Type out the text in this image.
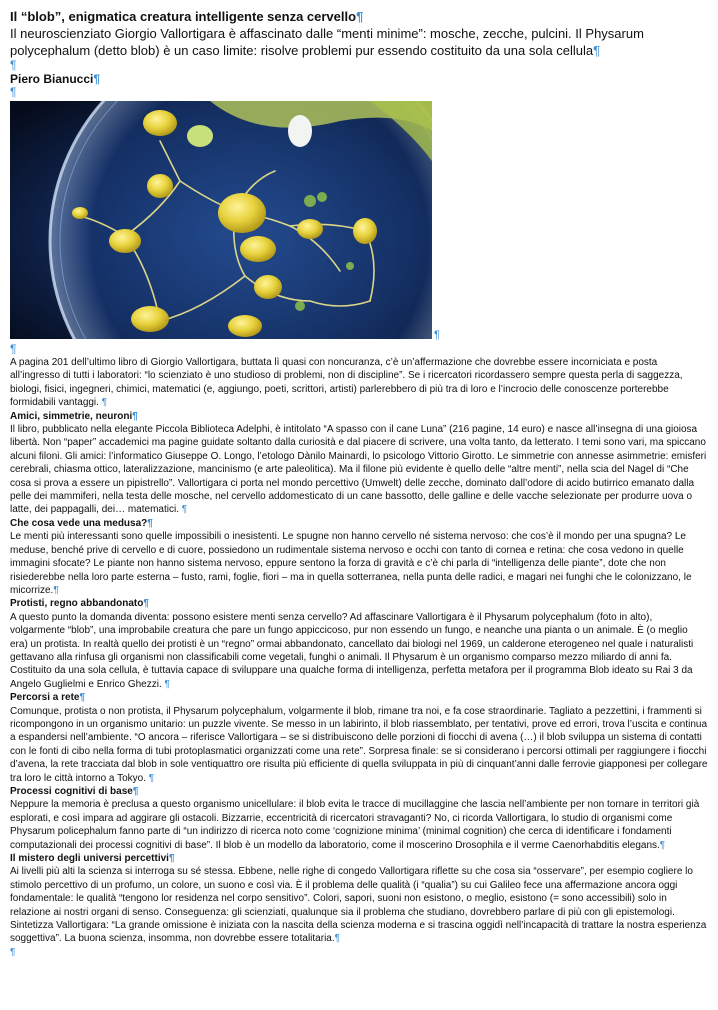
Il “blob”, enigmatica creatura intelligente senza cervello¶
Il neuroscienziato Giorgio Vallortigara è affascinato dalle “menti minime”: mosche, zecche, pulcini. Il Physarum polycephalum (detto blob) è un caso limite: risolve problemi pur essendo costituito da una sola cellula¶
¶
Piero Bianucci¶
¶
¶
¶

A pagina 201 dell’ultimo libro di Giorgio Vallortigara, buttata lì quasi con noncuranza, c’è un’affermazione che dovrebbe essere incorniciata e posta all’ingresso di tutti i laboratori: “lo scienziato è uno studioso di problemi, non di discipline”. Se i ricercatori ricordassero sempre questa perla di saggezza, biologi, fisici, ingegneri, chimici, matematici (e, aggiungo, poeti, scrittori, artisti) parlerebbero di più tra di loro e l’incrocio delle conoscenze porterebbe formidabili vantaggi. ¶

Amici, simmetrie, neuroni¶

Il libro, pubblicato nella elegante Piccola Biblioteca Adelphi, è intitolato “A spasso con il cane Luna” (216 pagine, 14 euro) e nasce all’insegna di una gioiosa libertà. Non “paper” accademici ma pagine guidate soltanto dalla curiosità e dal piacere di scrivere, una volta tanto, da letterato. I temi sono vari, ma spiccano alcuni filoni. Gli amici: l’informatico Giuseppe O. Longo, l’etologo Dànilo Mainardi, lo psicologo Vittorio Girotto. Le simmetrie con annesse asimmetrie: emisferi cerebrali, chiasma ottico, lateralizzazione, mancinismo (e arte paleolitica). Ma il filone più evidente è quello delle “altre menti”, nella scia del Nagel di “Che cosa si prova a essere un pipistrello”. Vallortigara ci porta nel mondo percettivo (Umwelt) delle zecche, dominato dall’odore di acido butirrico emanato dalla pelle dei mammiferi, nella testa delle mosche, nel cervello addomesticato di un cane bassotto, delle galline e delle vacche selezionate per produrre uova o latte, dei pappagalli, dei… matematici. ¶

Che cosa vede una medusa?¶

Le menti più interessanti sono quelle impossibili o inesistenti. Le spugne non hanno cervello né sistema nervoso: che cos’è il mondo per una spugna? Le meduse, benché prive di cervello e di cuore, possiedono un rudimentale sistema nervoso e occhi con tanto di cornea e retina: che cosa vedono in quelle immagini sfocate? Le piante non hanno sistema nervoso, eppure sentono la forza di gravità e c’è chi parla di “intelligenza delle piante”, dote che non risiederebbe nella loro parte esterna – fusto, rami, foglie, fiori – ma in quella sotterranea, nella punta delle radici, e magari nei funghi che le colonizzano, le micorrize.¶

Protisti, regno abbandonato¶

A questo punto la domanda diventa: possono esistere menti senza cervello? Ad affascinare Vallortigara è il Physarum polycephalum (foto in alto), volgarmente “blob”, una improbabile creatura che pare un fungo appiccicoso, pur non essendo un fungo, e neanche una pianta o un animale. È (o meglio era) un protista. In realtà quello dei protisti è un “regno” ormai abbandonato, cancellato dai biologi nel 1969, un calderone eterogeneo nel quale i naturalisti gettavano alla rinfusa gli organismi non classificabili come vegetali, funghi o animali. Il Physarum è un organismo comparso mezzo miliardo di anni fa. Costituito da una sola cellula, è tuttavia capace di sviluppare una qualche forma di intelligenza, perfetta metafora per il programma Blob ideato su Rai 3 da Angelo Guglielmi e Enrico Ghezzi. ¶

Percorsi a rete¶

Comunque, protista o non protista, il Physarum polycephalum, volgarmente il blob, rimane tra noi, e fa cose straordinarie. Tagliato a pezzettini, i frammenti si ricompongono in un organismo unitario: un puzzle vivente. Se messo in un labirinto, il blob riassemblato, per tentativi, prove ed errori, trova l’uscita e continua a espandersi nell’ambiente. “O ancora – riferisce Vallortigara – se si distribuiscono delle porzioni di fiocchi di avena (…) il blob sviluppa un sistema di contatti con le fonti di cibo nella forma di tubi protoplasmatici organizzati come una rete”. Sorpresa finale: se si considerano i percorsi ottimali per raggiungere i fiocchi d’avena, la rete tracciata dal blob in sole ventiquattro ore risulta più efficiente di quella sviluppata in più di cinquant’anni dalle ferrovie giapponesi per collegare tra loro le città intorno a Tokyo. ¶

Processi cognitivi di base¶

Neppure la memoria è preclusa a questo organismo unicellulare: il blob evita le tracce di mucillaggine che lascia nell’ambiente per non tornare in territori già esplorati, e così impara ad aggirare gli ostacoli. Bizzarrie, eccentricità di ricercatori stravaganti? No, ci ricorda Vallortigara, lo studio di organismi come Physarum policephalum fanno parte di “un indirizzo di ricerca noto come ‘cognizione minima’ (minimal cognition) che cerca di identificare i fondamenti computazionali dei processi cognitivi di base”. Il blob è un modello da laboratorio, come il moscerino Drosophila e il verme Caenorhabditis elegans.¶

Il mistero degli universi percettivi¶

Ai livelli più alti la scienza si interroga su sé stessa. Ebbene, nelle righe di congedo Vallortigara riflette su che cosa sia “osservare”, per esempio cogliere lo stimolo percettivo di un profumo, un colore, un suono e così via. È il problema delle qualità (i “qualia”) su cui Galileo fece una affermazione ancora oggi fondamentale: le qualità “tengono lor residenza nel corpo sensitivo”. Colori, sapori, suoni non esistono, o meglio, esistono (= sono accessibili) solo in relazione ai nostri organi di senso. Conseguenza: gli scienziati, qualunque sia il problema che studiano, dovrebbero parlare di più con gli epistemologi. Sintetizza Vallortigara: “La grande omissione è iniziata con la nascita della scienza moderna e si trascina oggidì nell’incapacità di trattare la nostra esperienza soggettiva”. La buona scienza, insomma, non dovrebbe essere totalitaria.¶

¶
